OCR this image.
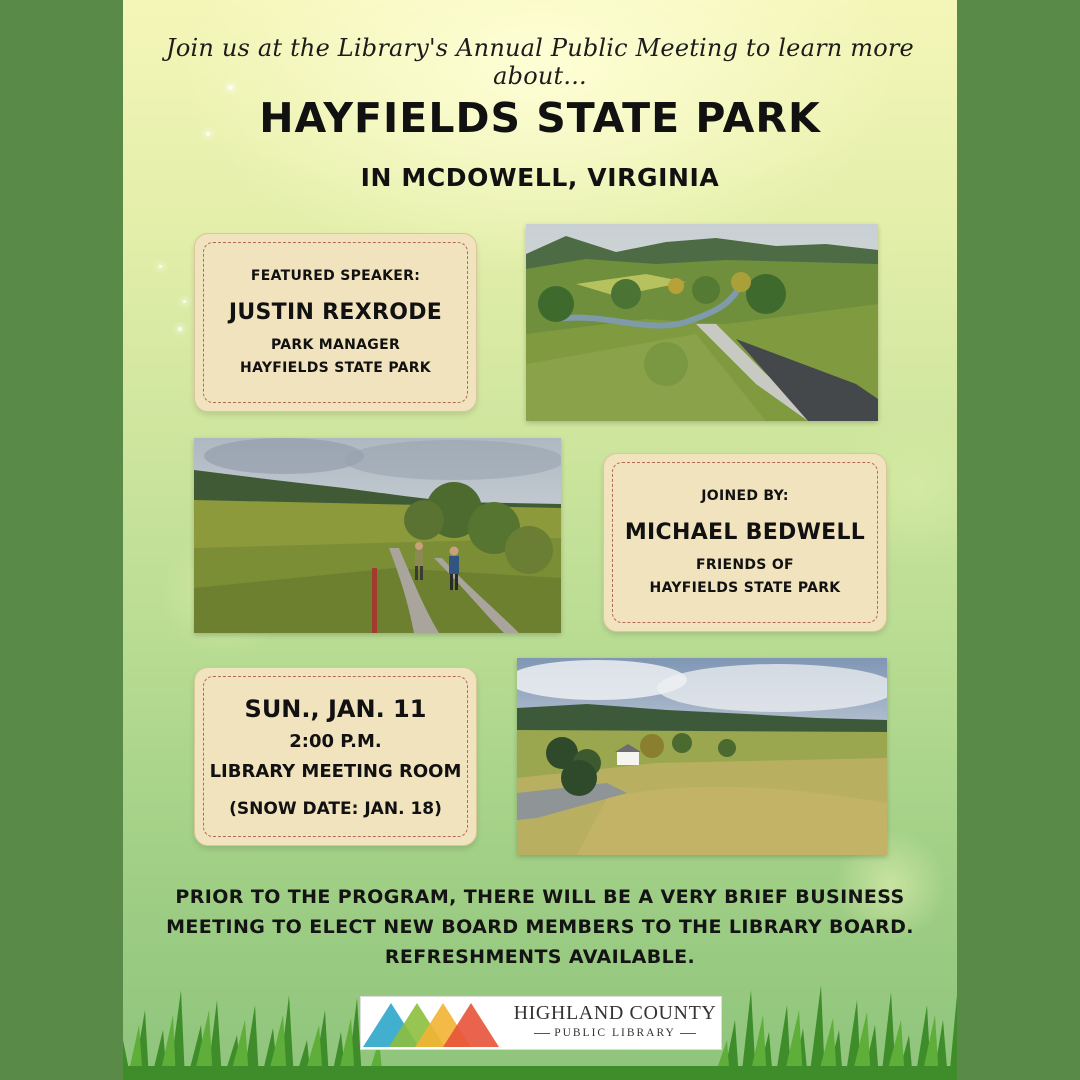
Join us at the Library's Annual Public Meeting to learn more about...
HAYFIELDS STATE PARK
IN MCDOWELL, VIRGINIA
FEATURED SPEAKER:
JUSTIN REXRODE
PARK MANAGER
HAYFIELDS STATE PARK
JOINED BY:
MICHAEL BEDWELL
FRIENDS OF
HAYFIELDS STATE PARK
SUN., JAN. 11
2:00 P.M.
LIBRARY MEETING ROOM
(SNOW DATE: JAN. 18)
PRIOR TO THE PROGRAM, THERE WILL BE A VERY BRIEF BUSINESS
MEETING TO ELECT NEW BOARD MEMBERS TO THE LIBRARY BOARD.
REFRESHMENTS AVAILABLE.
HIGHLAND COUNTY
PUBLIC LIBRARY
